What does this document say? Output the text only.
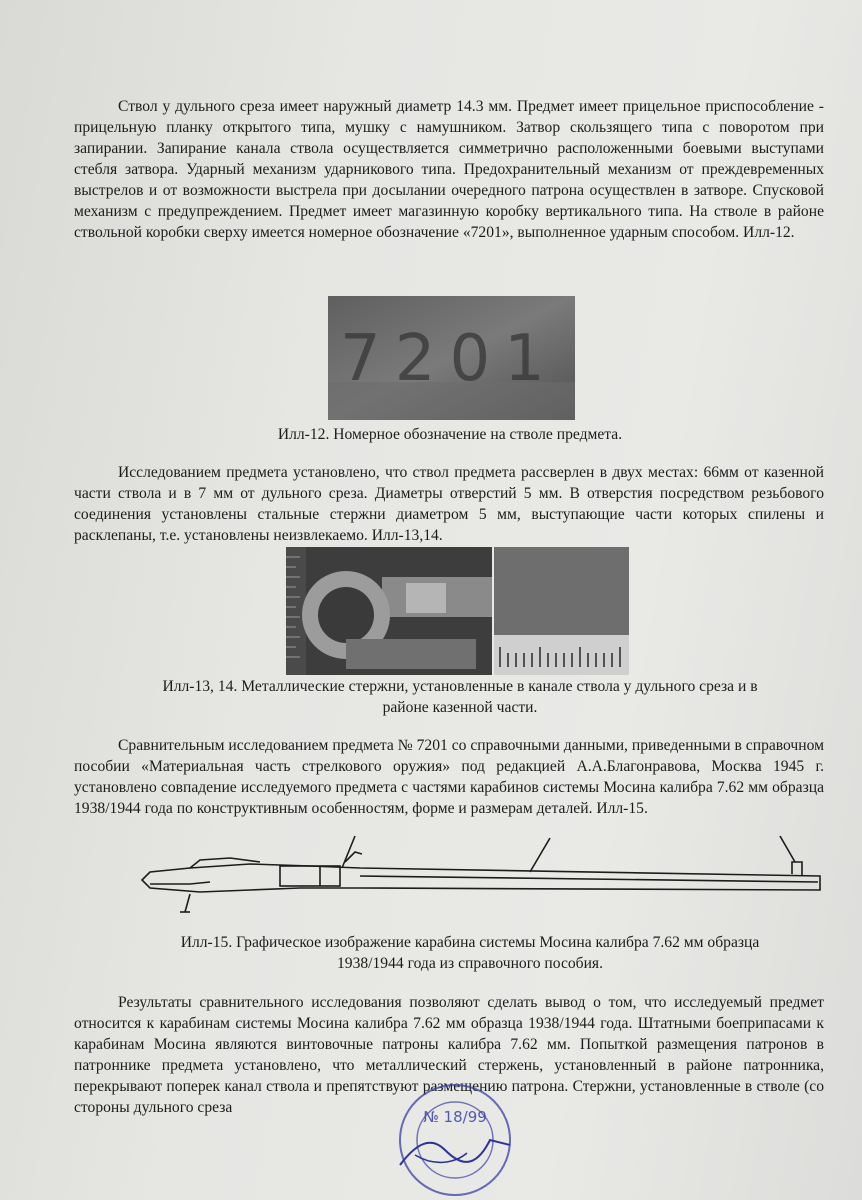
Ствол у дульного среза имеет наружный диаметр 14.3 мм. Предмет имеет прицельное приспособление - прицельную планку открытого типа, мушку с намушником. Затвор скользящего типа с поворотом при запирании. Запирание канала ствола осуществляется симметрично расположенными боевыми выступами стебля затвора. Ударный механизм ударникового типа. Предохранительный механизм от преждевременных выстрелов и от возможности выстрела при досылании очередного патрона осуществлен в затворе. Спусковой механизм с предупреждением. Предмет имеет магазинную коробку вертикального типа. На стволе в районе ствольной коробки сверху имеется номерное обозначение «7201», выполненное ударным способом. Илл-12.

7201

Илл-12. Номерное обозначение на стволе предмета.

Исследованием предмета установлено, что ствол предмета рассверлен в двух местах: 66мм от казенной части ствола и в 7 мм от дульного среза. Диаметры отверстий 5 мм. В отверстия посредством резьбового соединения установлены стальные стержни диаметром 5 мм, выступающие части которых спилены и расклепаны, т.е. установлены неизвлекаемо. Илл-13,14.

Илл-13, 14. Металлические стержни, установленные в канале ствола у дульного среза и в

районе казенной части.

Сравнительным исследованием предмета № 7201 со справочными данными, приведенными в справочном пособии «Материальная часть стрелкового оружия» под редакцией А.А.Благонравова, Москва 1945 г. установлено совпадение исследуемого предмета с частями карабинов системы Мосина калибра 7.62 мм образца 1938/1944 года по конструктивным особенностям, форме и размерам деталей. Илл-15.

Илл-15. Графическое изображение карабина системы Мосина калибра 7.62 мм образца

1938/1944 года из справочного пособия.

Результаты сравнительного исследования позволяют сделать вывод о том, что исследуемый предмет относится к карабинам системы Мосина калибра 7.62 мм образца 1938/1944 года. Штатными боеприпасами к карабинам Мосина являются винтовочные патроны калибра 7.62 мм. Попыткой размещения патронов в патроннике предмета установлено, что металлический стержень, установленный в районе патронника, перекрывают поперек канал ствола и препятствуют размещению патрона. Стержни, установленные в стволе (со стороны дульного среза

№ 18/99
